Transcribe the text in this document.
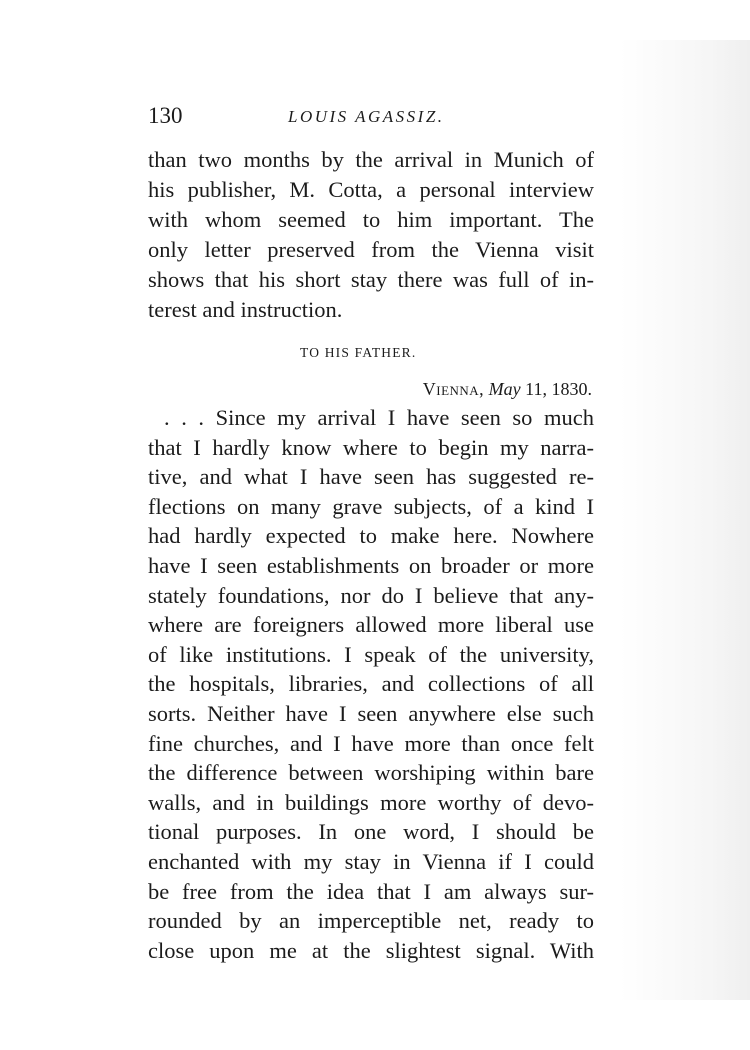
130	LOUIS AGASSIZ.
than two months by the arrival in Munich of
his publisher, M. Cotta, a personal interview
with whom seemed to him important. The
only letter preserved from the Vienna visit
shows that his short stay there was full of in-
terest and instruction.
TO HIS FATHER.
Vienna, May 11, 1830.
. . . Since my arrival I have seen so much
that I hardly know where to begin my narra-
tive, and what I have seen has suggested re-
flections on many grave subjects, of a kind I
had hardly expected to make here. Nowhere
have I seen establishments on broader or more
stately foundations, nor do I believe that any-
where are foreigners allowed more liberal use
of like institutions. I speak of the university,
the hospitals, libraries, and collections of all
sorts. Neither have I seen anywhere else such
fine churches, and I have more than once felt
the difference between worshiping within bare
walls, and in buildings more worthy of devo-
tional purposes. In one word, I should be
enchanted with my stay in Vienna if I could
be free from the idea that I am always sur-
rounded by an imperceptible net, ready to
close upon me at the slightest signal. With
